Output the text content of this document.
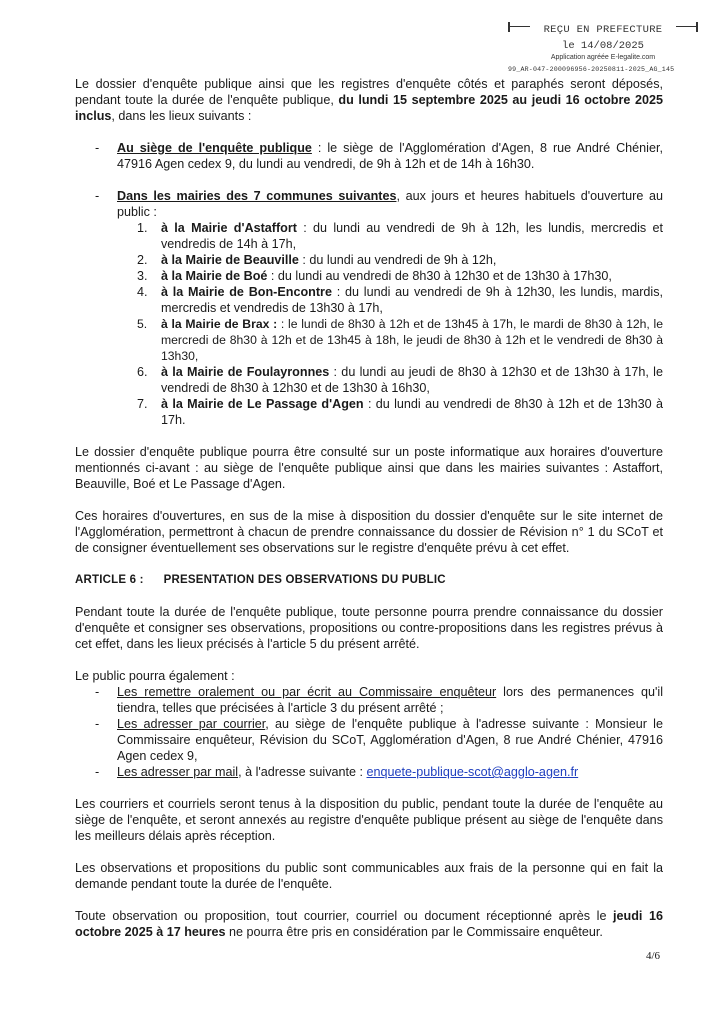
REÇU EN PREFECTURE
le 14/08/2025
Application agréée E-legalite.com
99_AR-047-200096956-20250811-2025_AG_145

Le dossier d'enquête publique ainsi que les registres d'enquête côtés et paraphés seront déposés, pendant toute la durée de l'enquête publique, du lundi 15 septembre 2025 au jeudi 16 octobre 2025 inclus, dans les lieux suivants :

- Au siège de l'enquête publique : le siège de l'Agglomération d'Agen, 8 rue André Chénier, 47916 Agen cedex 9, du lundi au vendredi, de 9h à 12h et de 14h à 16h30.
- Dans les mairies des 7 communes suivantes, aux jours et heures habituels d'ouverture au public :
1.	à la Mairie d'Astaffort : du lundi au vendredi de 9h à 12h, les lundis, mercredis et vendredis de 14h à 17h,
2.	à la Mairie de Beauville : du lundi au vendredi de 9h à 12h,
3.	à la Mairie de Boé : du lundi au vendredi de 8h30 à 12h30 et de 13h30 à 17h30,
4.	à la Mairie de Bon-Encontre : du lundi au vendredi de 9h à 12h30, les lundis, mardis, mercredis et vendredis de 13h30 à 17h,
5.	à la Mairie de Brax : : le lundi de 8h30 à 12h et de 13h45 à 17h, le mardi de 8h30 à 12h, le mercredi de 8h30 à 12h et de 13h45 à 18h, le jeudi de 8h30 à 12h et le vendredi de 8h30 à 13h30,
6.	à la Mairie de Foulayronnes : du lundi au jeudi de 8h30 à 12h30 et de 13h30 à 17h, le vendredi de 8h30 à 12h30 et de 13h30 à 16h30,
7.	à la Mairie de Le Passage d'Agen : du lundi au vendredi de 8h30 à 12h et de 13h30 à 17h.

Le dossier d'enquête publique pourra être consulté sur un poste informatique aux horaires d'ouverture mentionnés ci-avant : au siège de l'enquête publique ainsi que dans les mairies suivantes : Astaffort, Beauville, Boé et Le Passage d'Agen.

Ces horaires d'ouvertures, en sus de la mise à disposition du dossier d'enquête sur le site internet de l'Agglomération, permettront à chacun de prendre connaissance du dossier de Révision n° 1 du SCoT et de consigner éventuellement ses observations sur le registre d'enquête prévu à cet effet.

ARTICLE 6 : PRESENTATION DES OBSERVATIONS DU PUBLIC

Pendant toute la durée de l'enquête publique, toute personne pourra prendre connaissance du dossier d'enquête et consigner ses observations, propositions ou contre-propositions dans les registres prévus à cet effet, dans les lieux précisés à l'article 5 du présent arrêté.

Le public pourra également :

- Les remettre oralement ou par écrit au Commissaire enquêteur lors des permanences qu'il tiendra, telles que précisées à l'article 3 du présent arrêté ;
- Les adresser par courrier, au siège de l'enquête publique à l'adresse suivante : Monsieur le Commissaire enquêteur, Révision du SCoT, Agglomération d'Agen, 8 rue André Chénier, 47916 Agen cedex 9,
- Les adresser par mail, à l'adresse suivante : enquete-publique-scot@agglo-agen.fr

Les courriers et courriels seront tenus à la disposition du public, pendant toute la durée de l'enquête au siège de l'enquête, et seront annexés au registre d'enquête publique présent au siège de l'enquête dans les meilleurs délais après réception.

Les observations et propositions du public sont communicables aux frais de la personne qui en fait la demande pendant toute la durée de l'enquête.

Toute observation ou proposition, tout courrier, courriel ou document réceptionné après le jeudi 16 octobre 2025 à 17 heures ne pourra être pris en considération par le Commissaire enquêteur.

4/6
